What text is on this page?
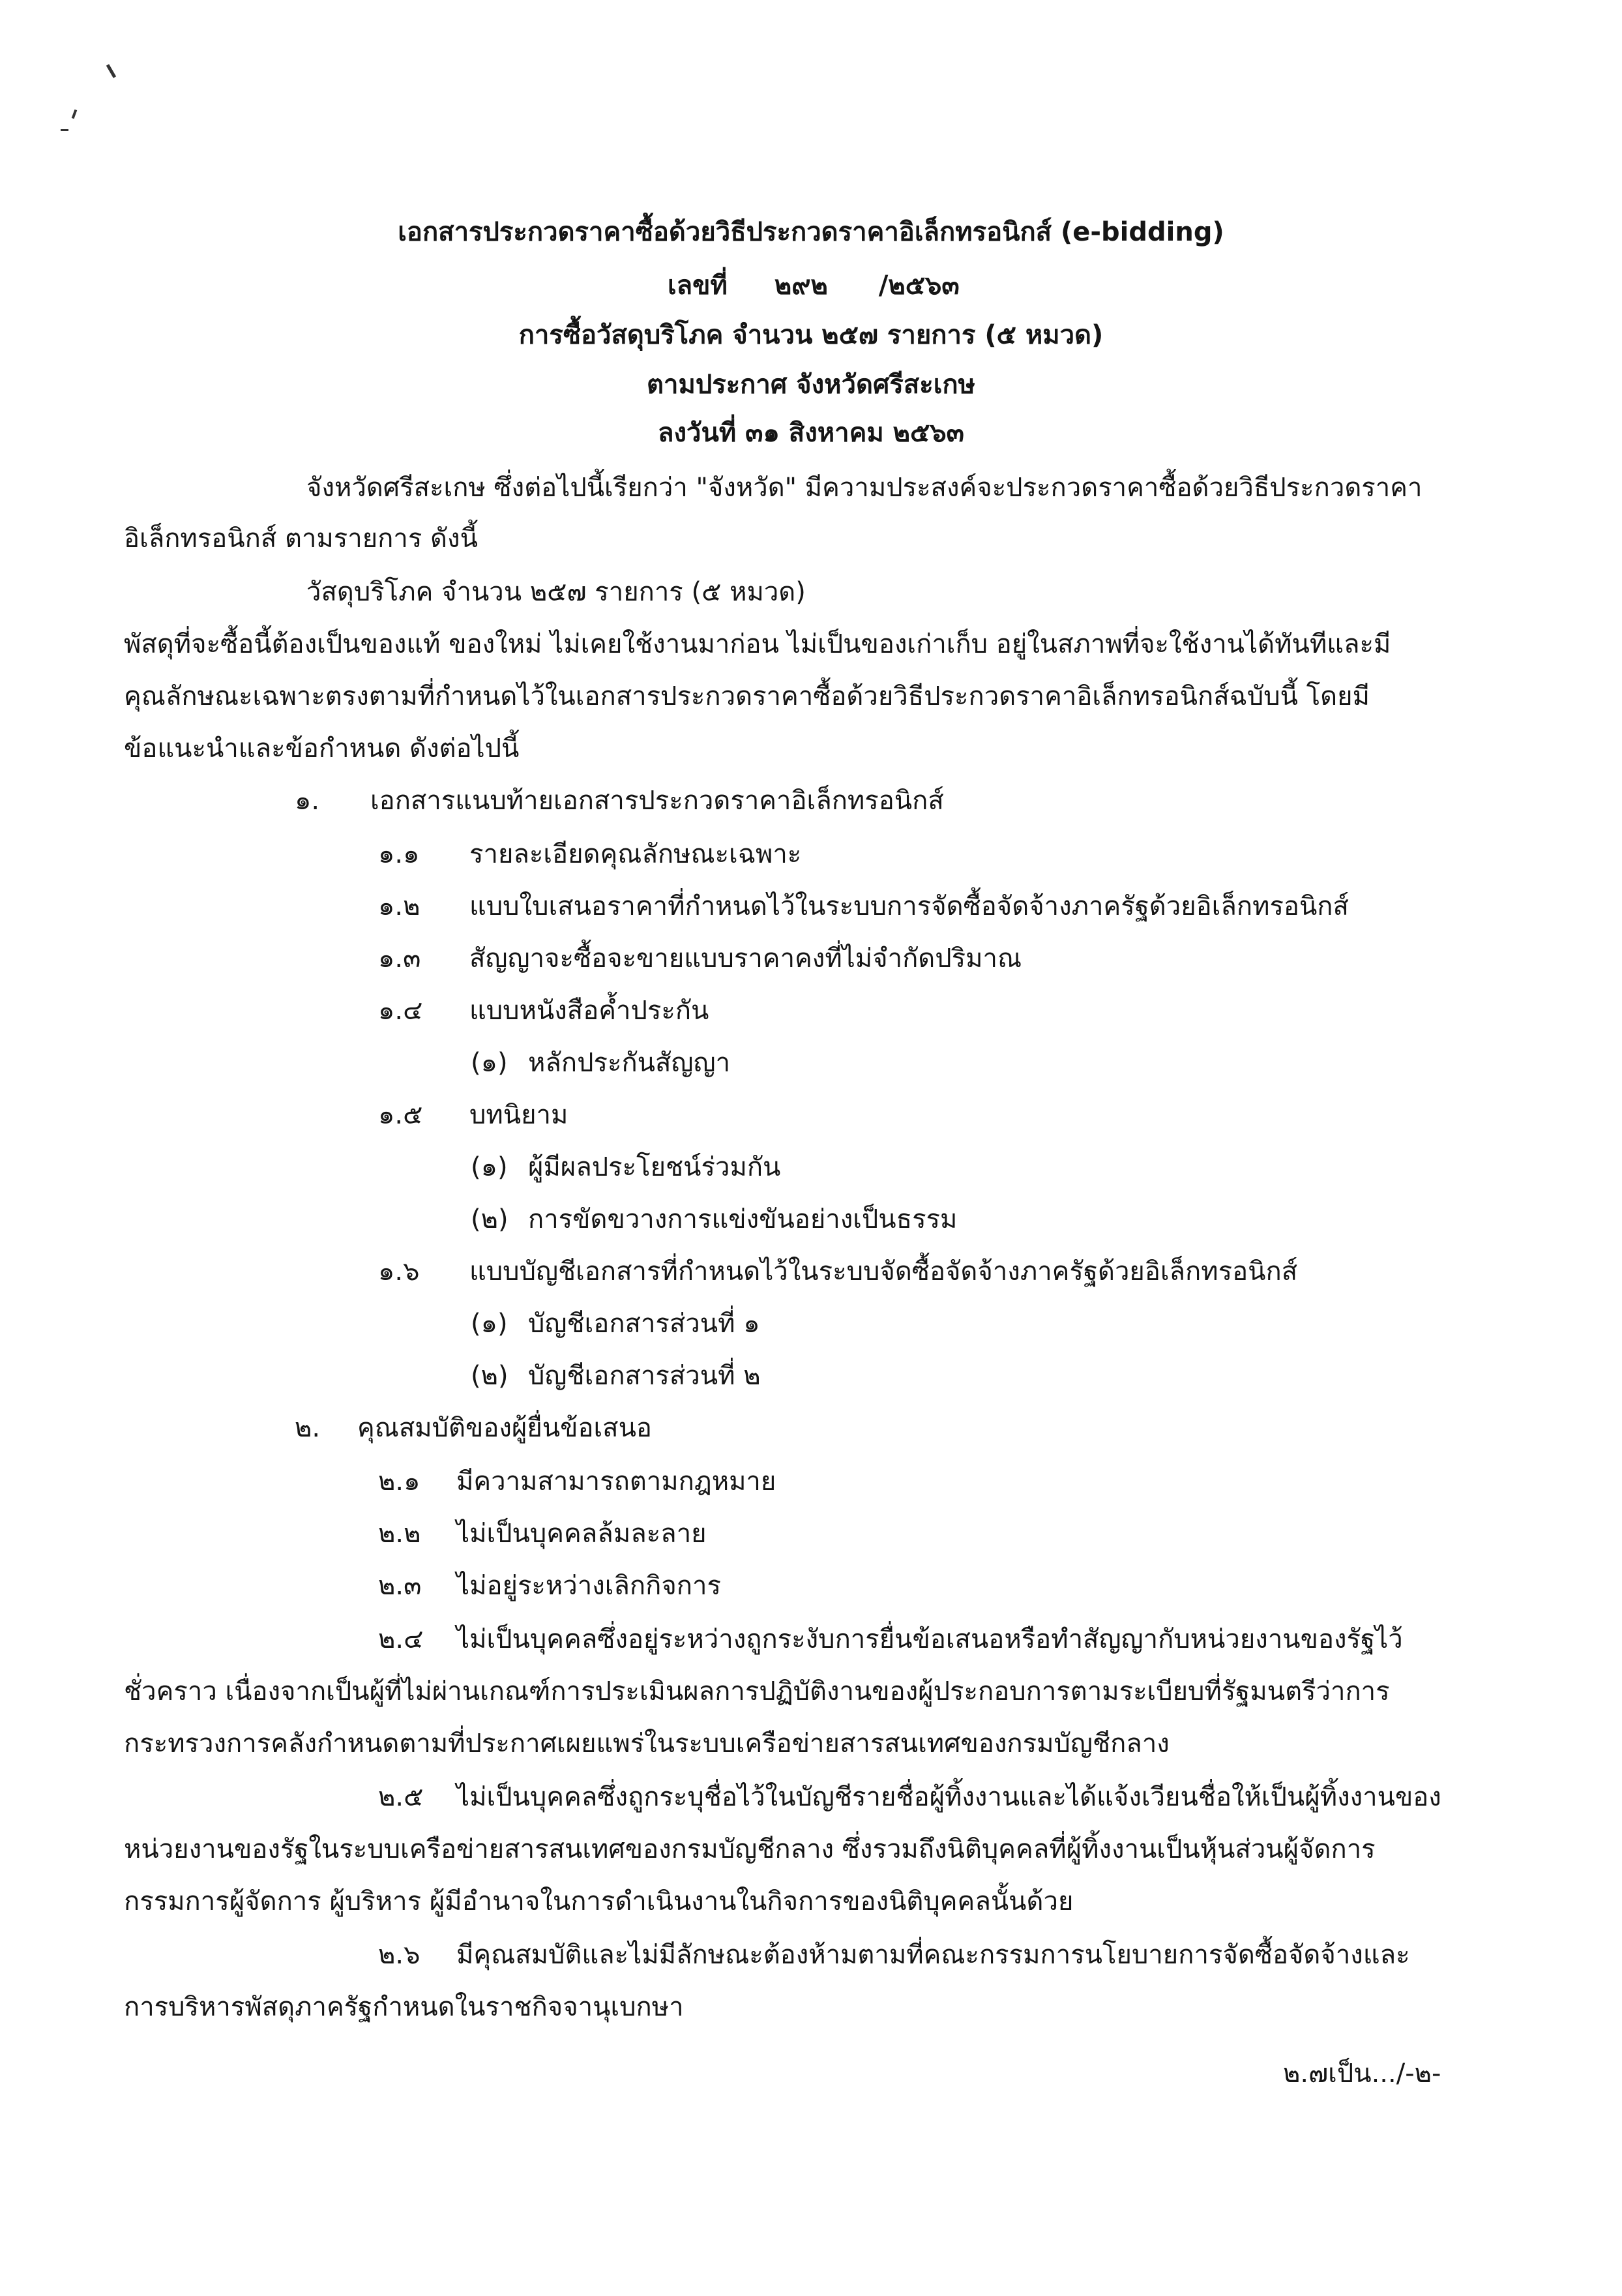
เอกสารประกวดราคาซื้อด้วยวิธีประกวดราคาอิเล็กทรอนิกส์ (e-bidding)
เลขที่ ๒๙๒ /๒๕๖๓
การซื้อวัสดุบริโภค จำนวน ๒๕๗ รายการ (๕ หมวด)
ตามประกาศ จังหวัดศรีสะเกษ
ลงวันที่ ๓๑ สิงหาคม ๒๕๖๓
จังหวัดศรีสะเกษ ซึ่งต่อไปนี้เรียกว่า "จังหวัด" มีความประสงค์จะประกวดราคาซื้อด้วยวิธีประกวดราคา
อิเล็กทรอนิกส์ ตามรายการ ดังนี้
วัสดุบริโภค จำนวน ๒๕๗ รายการ (๕ หมวด)
พัสดุที่จะซื้อนี้ต้องเป็นของแท้ ของใหม่ ไม่เคยใช้งานมาก่อน ไม่เป็นของเก่าเก็บ อยู่ในสภาพที่จะใช้งานได้ทันทีและมี
คุณลักษณะเฉพาะตรงตามที่กำหนดไว้ในเอกสารประกวดราคาซื้อด้วยวิธีประกวดราคาอิเล็กทรอนิกส์ฉบับนี้ โดยมี
ข้อแนะนำและข้อกำหนด ดังต่อไปนี้
๑. เอกสารแนบท้ายเอกสารประกวดราคาอิเล็กทรอนิกส์
๑.๑ รายละเอียดคุณลักษณะเฉพาะ
๑.๒ แบบใบเสนอราคาที่กำหนดไว้ในระบบการจัดซื้อจัดจ้างภาครัฐด้วยอิเล็กทรอนิกส์
๑.๓ สัญญาจะซื้อจะขายแบบราคาคงที่ไม่จำกัดปริมาณ
๑.๔ แบบหนังสือค้ำประกัน
(๑) หลักประกันสัญญา
๑.๕ บทนิยาม
(๑) ผู้มีผลประโยชน์ร่วมกัน
(๒) การขัดขวางการแข่งขันอย่างเป็นธรรม
๑.๖ แบบบัญชีเอกสารที่กำหนดไว้ในระบบจัดซื้อจัดจ้างภาครัฐด้วยอิเล็กทรอนิกส์
(๑) บัญชีเอกสารส่วนที่ ๑
(๒) บัญชีเอกสารส่วนที่ ๒
๒. คุณสมบัติของผู้ยื่นข้อเสนอ
๒.๑ มีความสามารถตามกฎหมาย
๒.๒ ไม่เป็นบุคคลล้มละลาย
๒.๓ ไม่อยู่ระหว่างเลิกกิจการ
๒.๔ ไม่เป็นบุคคลซึ่งอยู่ระหว่างถูกระงับการยื่นข้อเสนอหรือทำสัญญากับหน่วยงานของรัฐไว้
ชั่วคราว เนื่องจากเป็นผู้ที่ไม่ผ่านเกณฑ์การประเมินผลการปฏิบัติงานของผู้ประกอบการตามระเบียบที่รัฐมนตรีว่าการ
กระทรวงการคลังกำหนดตามที่ประกาศเผยแพร่ในระบบเครือข่ายสารสนเทศของกรมบัญชีกลาง
๒.๕ ไม่เป็นบุคคลซึ่งถูกระบุชื่อไว้ในบัญชีรายชื่อผู้ทิ้งงานและได้แจ้งเวียนชื่อให้เป็นผู้ทิ้งงานของ
หน่วยงานของรัฐในระบบเครือข่ายสารสนเทศของกรมบัญชีกลาง ซึ่งรวมถึงนิติบุคคลที่ผู้ทิ้งงานเป็นหุ้นส่วนผู้จัดการ
กรรมการผู้จัดการ ผู้บริหาร ผู้มีอำนาจในการดำเนินงานในกิจการของนิติบุคคลนั้นด้วย
๒.๖ มีคุณสมบัติและไม่มีลักษณะต้องห้ามตามที่คณะกรรมการนโยบายการจัดซื้อจัดจ้างและ
การบริหารพัสดุภาครัฐกำหนดในราชกิจจานุเบกษา
๒.๗เป็น.../-๒-
